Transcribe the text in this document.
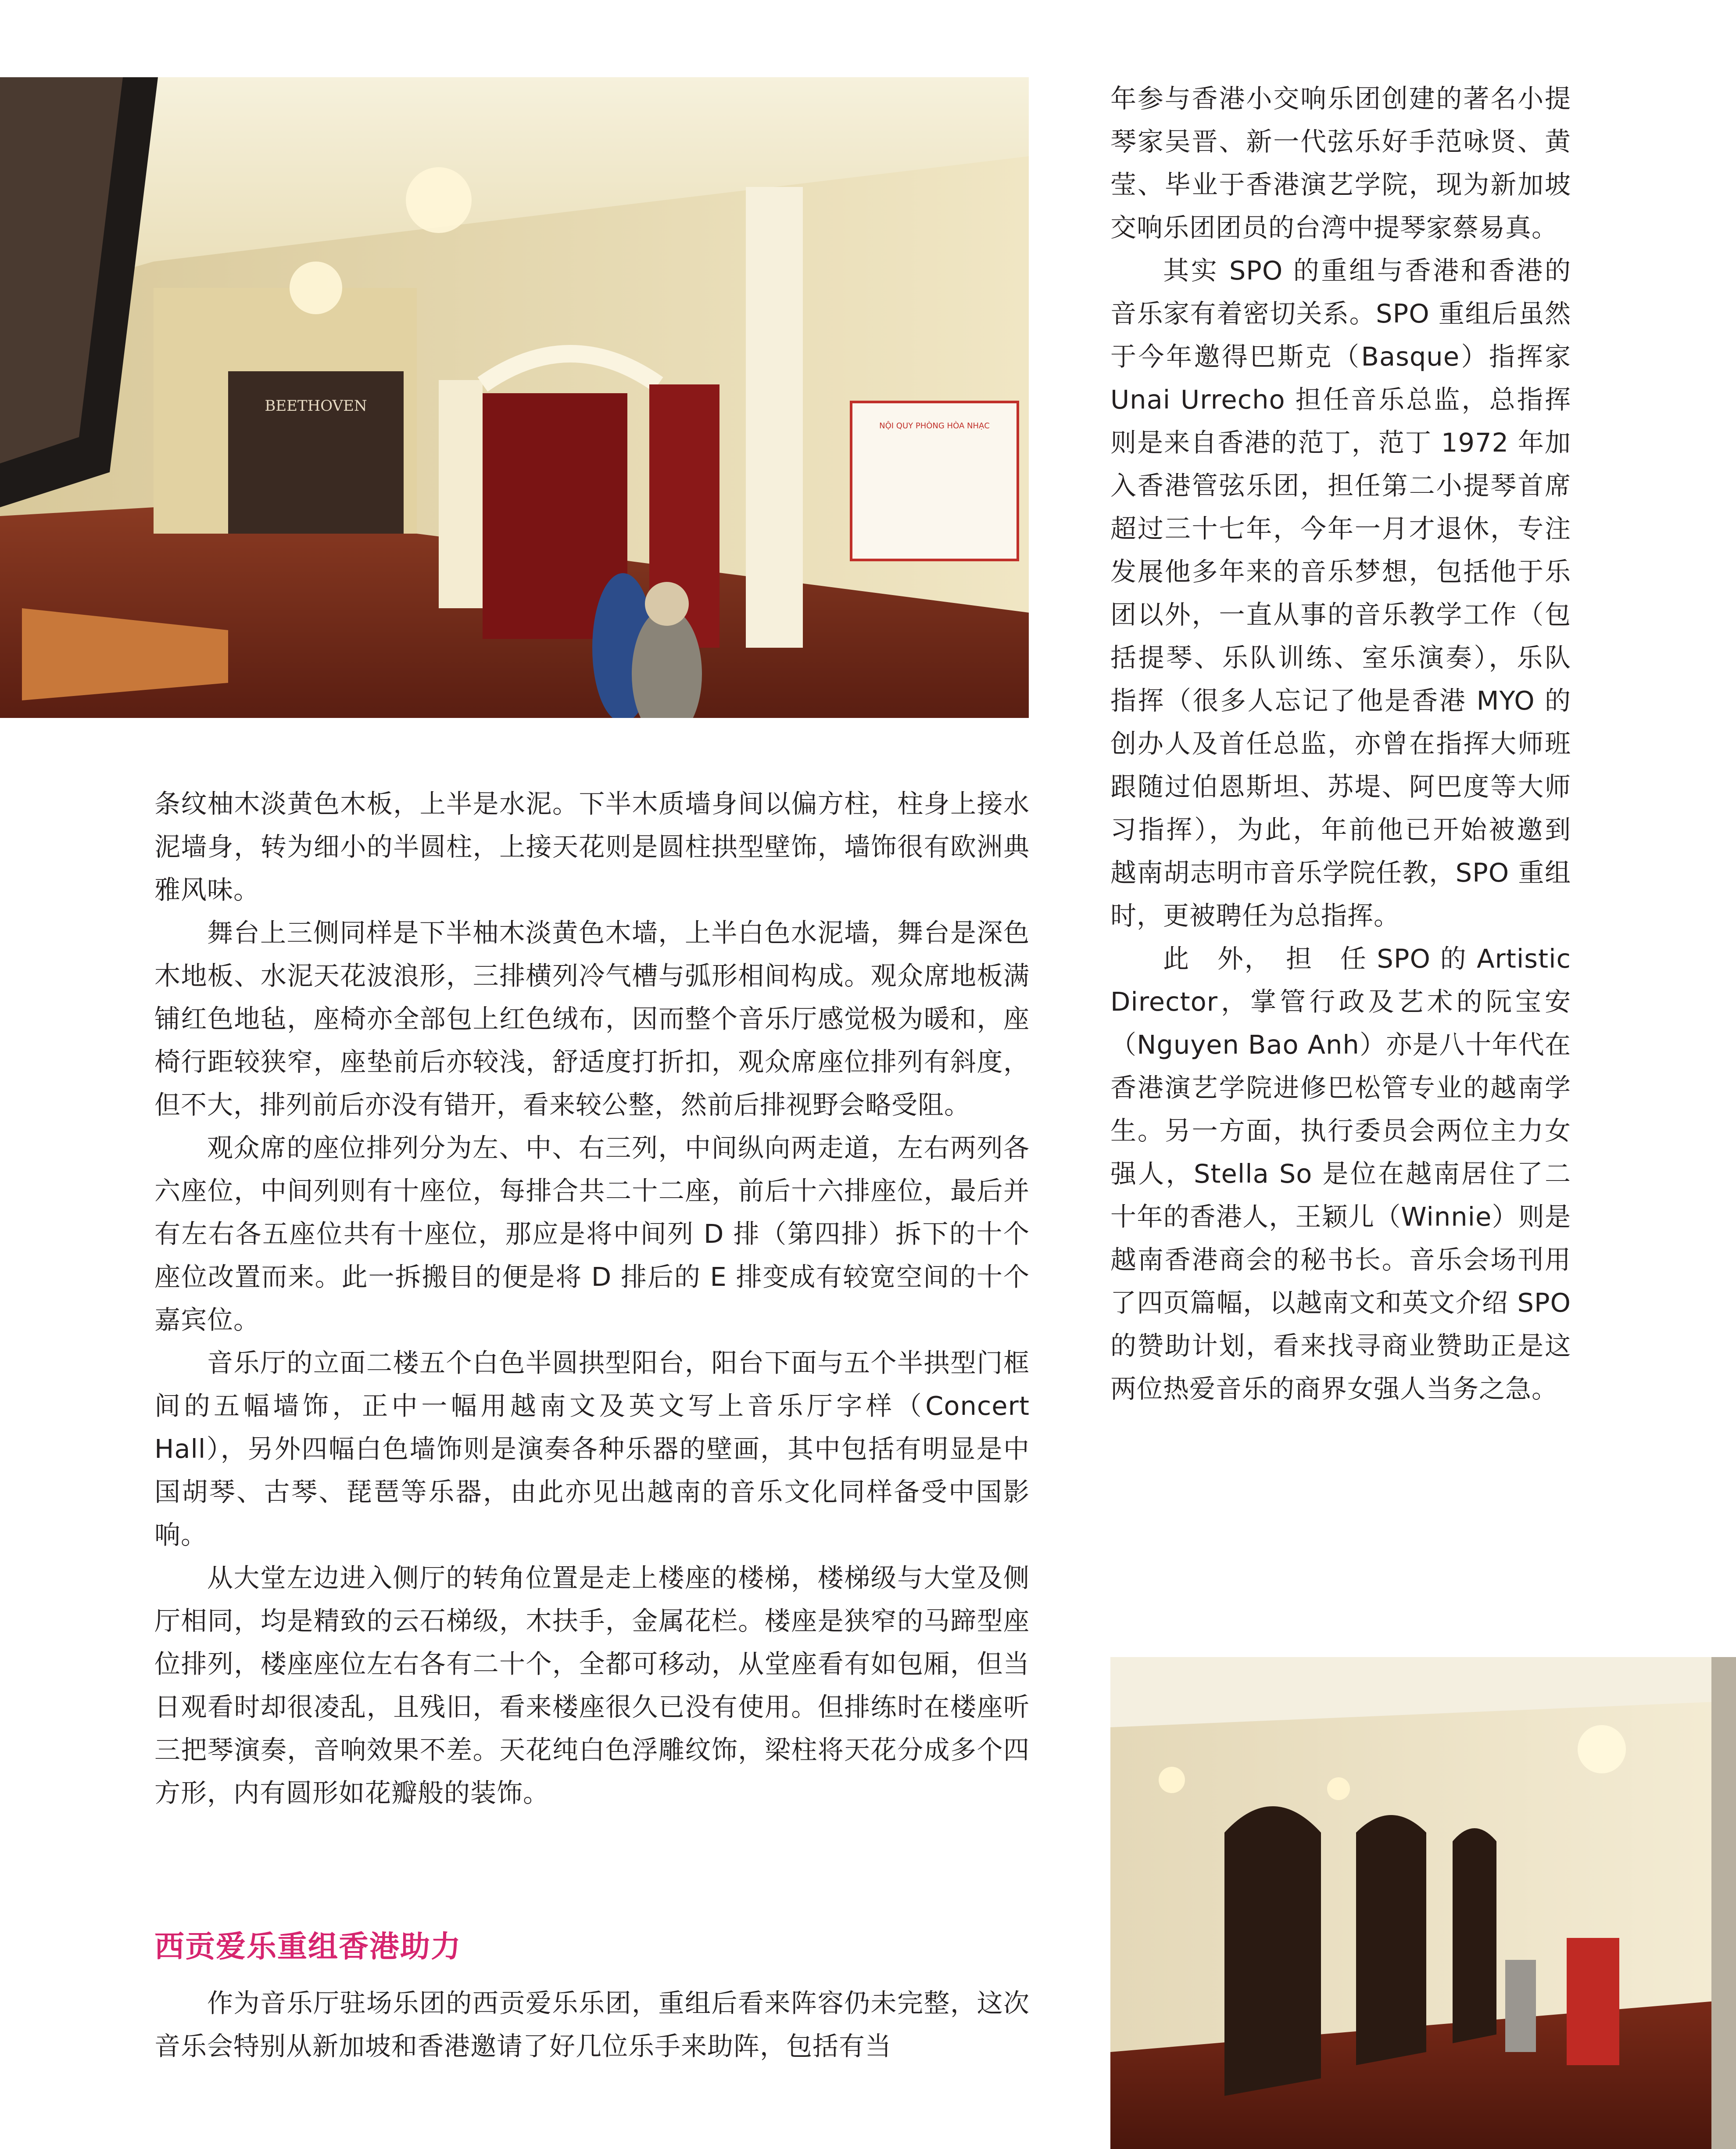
BEETHOVEN
NỘI QUY PHÒNG HÒA NHẠC

条纹柚木淡黄色木板，上半是水泥。下半木质墙身间以偏方柱，柱身上接水泥墙身，转为细小的半圆柱，上接天花则是圆柱拱型壁饰，墙饰很有欧洲典雅风味。

舞台上三侧同样是下半柚木淡黄色木墙，上半白色水泥墙，舞台是深色木地板、水泥天花波浪形，三排横列冷气槽与弧形相间构成。观众席地板满铺红色地毡，座椅亦全部包上红色绒布，因而整个音乐厅感觉极为暖和，座椅行距较狭窄，座垫前后亦较浅，舒适度打折扣，观众席座位排列有斜度，但不大，排列前后亦没有错开，看来较公整，然前后排视野会略受阻。

观众席的座位排列分为左、中、右三列，中间纵向两走道，左右两列各六座位，中间列则有十座位，每排合共二十二座，前后十六排座位，最后并有左右各五座位共有十座位，那应是将中间列 D 排（第四排）拆下的十个座位改置而来。此一拆搬目的便是将 D 排后的 E 排变成有较宽空间的十个嘉宾位。

音乐厅的立面二楼五个白色半圆拱型阳台，阳台下面与五个半拱型门框间的五幅墙饰，正中一幅用越南文及英文写上音乐厅字样（Concert Hall），另外四幅白色墙饰则是演奏各种乐器的壁画，其中包括有明显是中国胡琴、古琴、琵琶等乐器，由此亦见出越南的音乐文化同样备受中国影响。

从大堂左边进入侧厅的转角位置是走上楼座的楼梯，楼梯级与大堂及侧厅相同，均是精致的云石梯级，木扶手，金属花栏。楼座是狭窄的马蹄型座位排列，楼座座位左右各有二十个，全都可移动，从堂座看有如包厢，但当日观看时却很凌乱，且残旧，看来楼座很久已没有使用。但排练时在楼座听三把琴演奏，音响效果不差。天花纯白色浮雕纹饰，梁柱将天花分成多个四方形，内有圆形如花瓣般的装饰。

西贡爱乐重组香港助力

作为音乐厅驻场乐团的西贡爱乐乐团，重组后看来阵容仍未完整，这次音乐会特别从新加坡和香港邀请了好几位乐手来助阵，包括有当

年参与香港小交响乐团创建的著名小提琴家吴晋、新一代弦乐好手范咏贤、黄莹、毕业于香港演艺学院，现为新加坡交响乐团团员的台湾中提琴家蔡易真。

其实 SPO 的重组与香港和香港的音乐家有着密切关系。SPO 重组后虽然于今年邀得巴斯克（Basque）指挥家 Unai Urrecho 担任音乐总监，总指挥则是来自香港的范丁，范丁 1972 年加入香港管弦乐团，担任第二小提琴首席超过三十七年，今年一月才退休，专注发展他多年来的音乐梦想，包括他于乐团以外，一直从事的音乐教学工作（包括提琴、乐队训练、室乐演奏），乐队指挥（很多人忘记了他是香港 MYO 的创办人及首任总监，亦曾在指挥大师班跟随过伯恩斯坦、苏堤、阿巴度等大师习指挥），为此，年前他已开始被邀到越南胡志明市音乐学院任教，SPO 重组时，更被聘任为总指挥。

此　外，　担　任 SPO 的 Artistic Director，掌管行政及艺术的阮宝安（Nguyen Bao Anh）亦是八十年代在香港演艺学院进修巴松管专业的越南学生。另一方面，执行委员会两位主力女强人，Stella So 是位在越南居住了二十年的香港人，王颖儿（Winnie）则是越南香港商会的秘书长。音乐会场刊用了四页篇幅，以越南文和英文介绍 SPO 的赞助计划，看来找寻商业赞助正是这两位热爱音乐的商界女强人当务之急。
